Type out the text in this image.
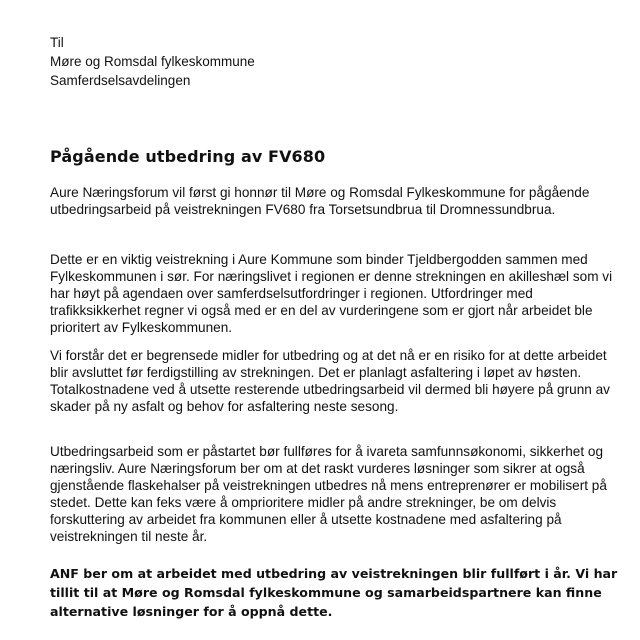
Til
Møre og Romsdal fylkeskommune
Samferdselsavdelingen
Pågående utbedring av FV680

Aure Næringsforum vil først gi honnør til Møre og Romsdal Fylkeskommune for pågående utbedringsarbeid på veistrekningen FV680 fra Torsetsundbrua til Dromnessundbrua.

Dette er en viktig veistrekning i Aure Kommune som binder Tjeldbergodden sammen med Fylkeskommunen i sør. For næringslivet i regionen er denne strekningen en akilleshæl som vi har høyt på agendaen over samferdselsutfordringer i regionen. Utfordringer med trafikksikkerhet regner vi også med er en del av vurderingene som er gjort når arbeidet ble prioritert av Fylkeskommunen.

Vi forstår det er begrensede midler for utbedring og at det nå er en risiko for at dette arbeidet blir avsluttet før ferdigstilling av strekningen. Det er planlagt asfaltering i løpet av høsten. Totalkostnadene ved å utsette resterende utbedringsarbeid vil dermed bli høyere på grunn av skader på ny asfalt og behov for asfaltering neste sesong.

Utbedringsarbeid som er påstartet bør fullføres for å ivareta samfunnsøkonomi, sikkerhet og næringsliv. Aure Næringsforum ber om at det raskt vurderes løsninger som sikrer at også gjenstående flaskehalser på veistrekningen utbedres nå mens entreprenører er mobilisert på stedet. Dette kan feks være å omprioritere midler på andre strekninger, be om delvis forskuttering av arbeidet fra kommunen eller å utsette kostnadene med asfaltering på veistrekningen til neste år.

ANF ber om at arbeidet med utbedring av veistrekningen blir fullført i år. Vi har tillit til at Møre og Romsdal fylkeskommune og samarbeidspartnere kan finne alternative løsninger for å oppnå dette.
